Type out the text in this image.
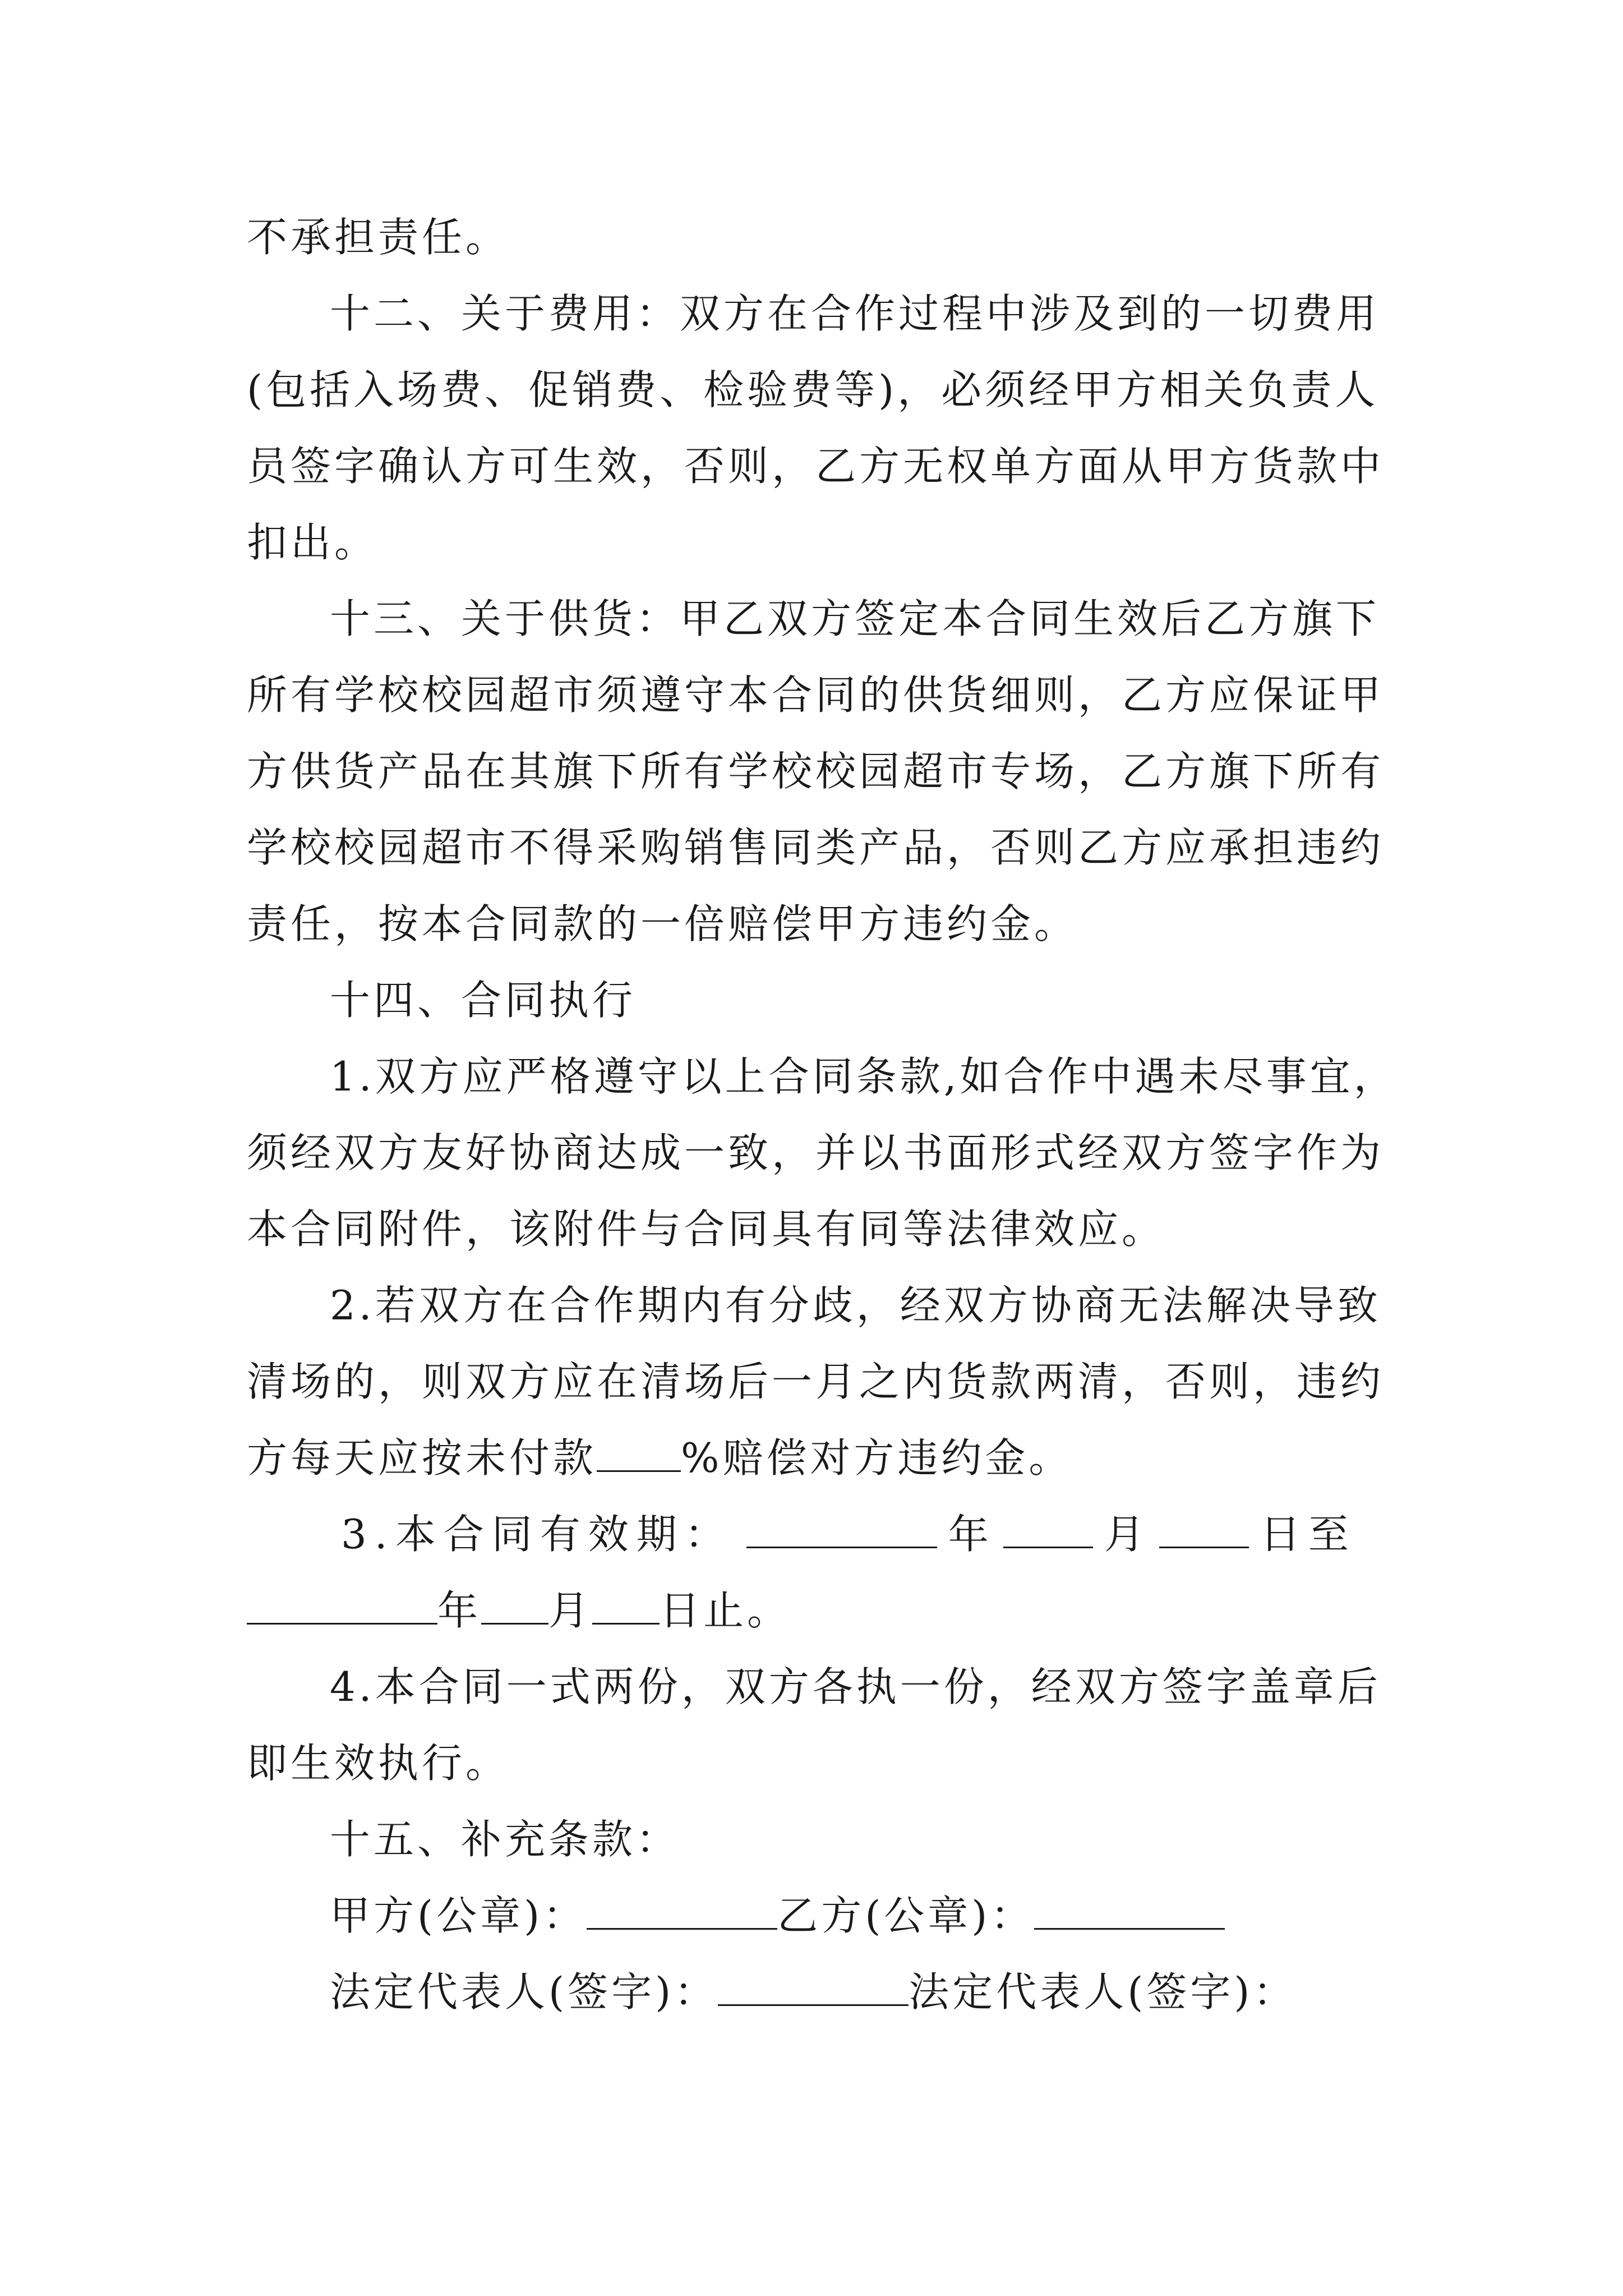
不承担责任。
十二、关于费用：双方在合作过程中涉及到的一切费用
(包括入场费、促销费、检验费等)，必须经甲方相关负责人
员签字确认方可生效，否则，乙方无权单方面从甲方货款中
扣出。
十三、关于供货：甲乙双方签定本合同生效后乙方旗下
所有学校校园超市须遵守本合同的供货细则，乙方应保证甲
方供货产品在其旗下所有学校校园超市专场，乙方旗下所有
学校校园超市不得采购销售同类产品，否则乙方应承担违约
责任，按本合同款的一倍赔偿甲方违约金。
十四、合同执行
1.双方应严格遵守以上合同条款,如合作中遇未尽事宜，
须经双方友好协商达成一致，并以书面形式经双方签字作为
本合同附件，该附件与合同具有同等法律效应。
2.若双方在合作期内有分歧，经双方协商无法解决导致
清场的，则双方应在清场后一月之内货款两清，否则，违约
方每天应按未付款 %赔偿对方违约金。
3.本合同有效期：	年	月	日至
年 月 日止。
4.本合同一式两份，双方各执一份，经双方签字盖章后
即生效执行。
十五、补充条款：
甲方(公章)：	乙方(公章)：
法定代表人(签字)：	法定代表人(签字)：
